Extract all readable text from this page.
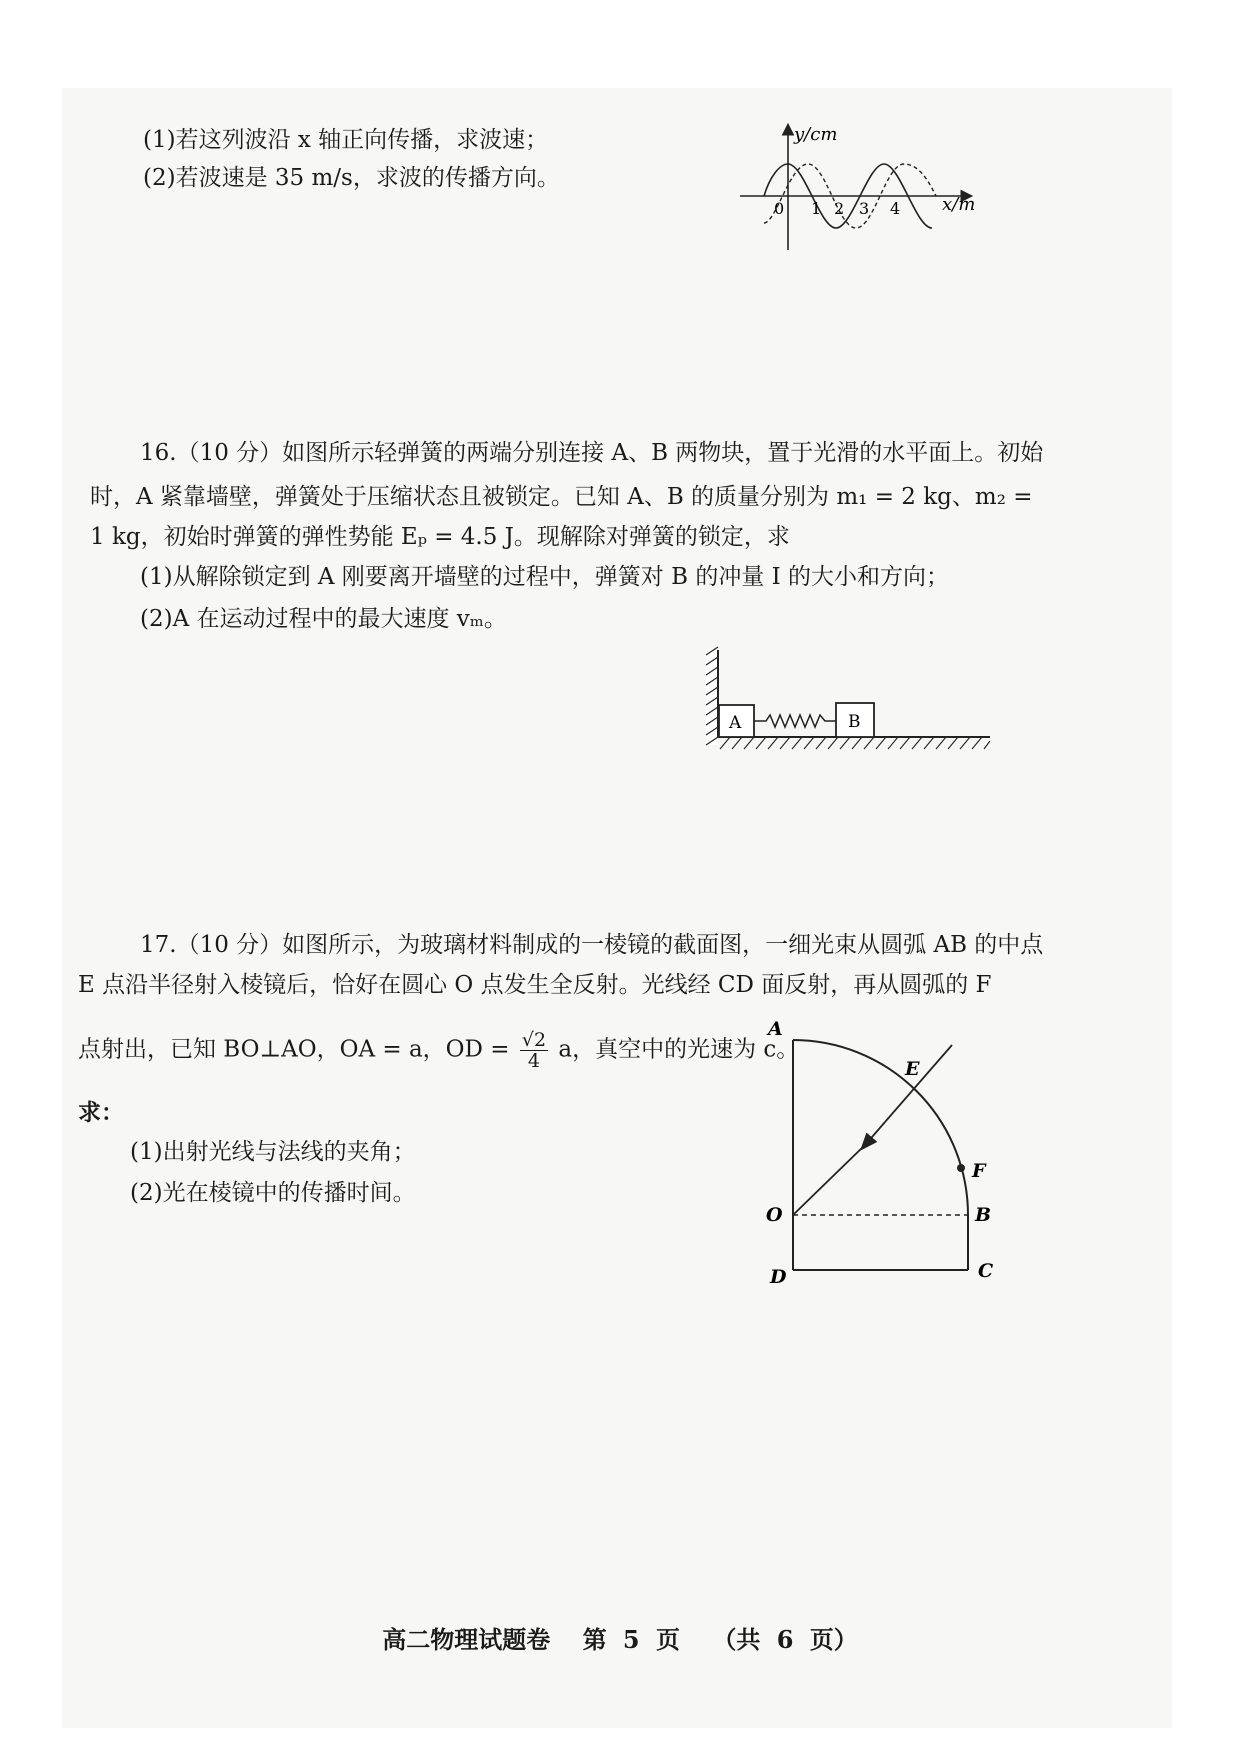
(1)若这列波沿 x 轴正向传播，求波速；
(2)若波速是 35 m/s，求波的传播方向。
y/cm
x/m
0 1 2 3 4
16.（10 分）如图所示轻弹簧的两端分别连接 A、B 两物块，置于光滑的水平面上。初始
时，A 紧靠墙壁，弹簧处于压缩状态且被锁定。已知 A、B 的质量分别为 m₁ = 2 kg、m₂ =
1 kg，初始时弹簧的弹性势能 Eₚ = 4.5 J。现解除对弹簧的锁定，求
(1)从解除锁定到 A 刚要离开墙壁的过程中，弹簧对 B 的冲量 I 的大小和方向；
(2)A 在运动过程中的最大速度 vₘ。
A	B
17.（10 分）如图所示，为玻璃材料制成的一棱镜的截面图，一细光束从圆弧 AB 的中点
E 点沿半径射入棱镜后，恰好在圆心 O 点发生全反射。光线经 CD 面反射，再从圆弧的 F
点射出，已知 BO⊥AO，OA = a，OD = $\frac{√2}{4}$ a，真空中的光速为 c。
求：
(1)出射光线与法线的夹角；
(2)光在棱镜中的传播时间。
A
E
F
O	B
D	C
高二物理试题卷 第 5 页 （共 6 页）
